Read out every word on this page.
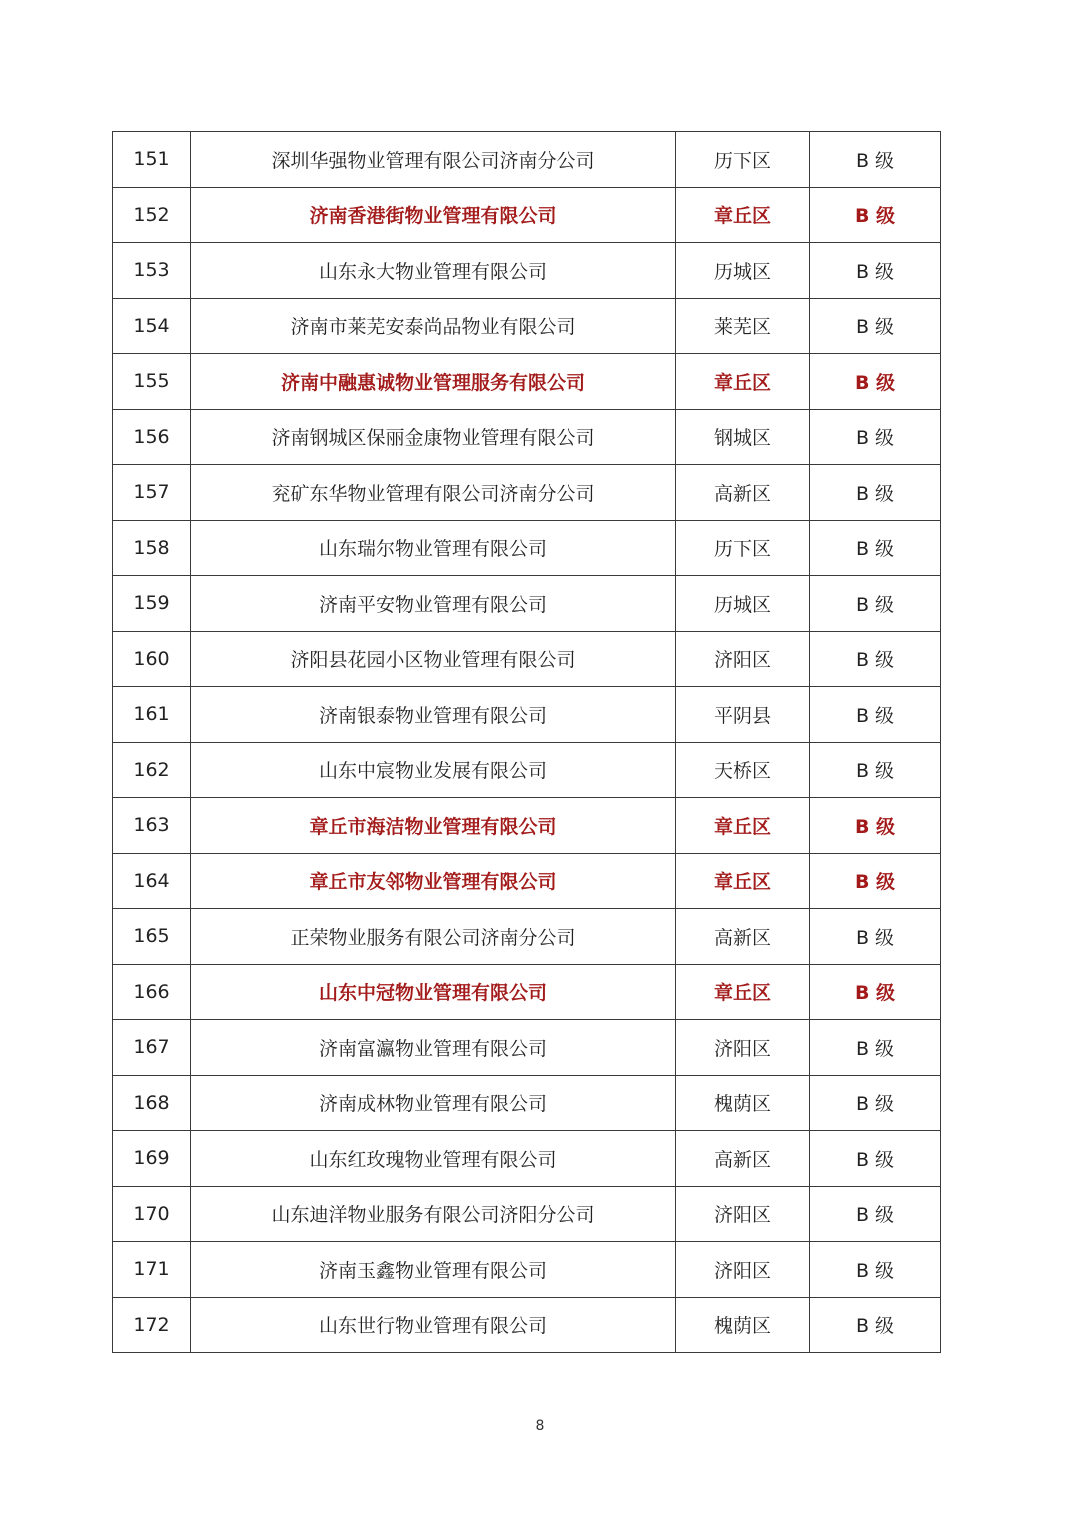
151	深圳华强物业管理有限公司济南分公司	历下区	B 级
152	济南香港街物业管理有限公司	章丘区	B 级
153	山东永大物业管理有限公司	历城区	B 级
154	济南市莱芜安泰尚品物业有限公司	莱芜区	B 级
155	济南中融惠诚物业管理服务有限公司	章丘区	B 级
156	济南钢城区保丽金康物业管理有限公司	钢城区	B 级
157	兖矿东华物业管理有限公司济南分公司	高新区	B 级
158	山东瑞尔物业管理有限公司	历下区	B 级
159	济南平安物业管理有限公司	历城区	B 级
160	济阳县花园小区物业管理有限公司	济阳区	B 级
161	济南银泰物业管理有限公司	平阴县	B 级
162	山东中宸物业发展有限公司	天桥区	B 级
163	章丘市海洁物业管理有限公司	章丘区	B 级
164	章丘市友邻物业管理有限公司	章丘区	B 级
165	正荣物业服务有限公司济南分公司	高新区	B 级
166	山东中冠物业管理有限公司	章丘区	B 级
167	济南富瀛物业管理有限公司	济阳区	B 级
168	济南成林物业管理有限公司	槐荫区	B 级
169	山东红玫瑰物业管理有限公司	高新区	B 级
170	山东迪洋物业服务有限公司济阳分公司	济阳区	B 级
171	济南玉鑫物业管理有限公司	济阳区	B 级
172	山东世行物业管理有限公司	槐荫区	B 级
8
